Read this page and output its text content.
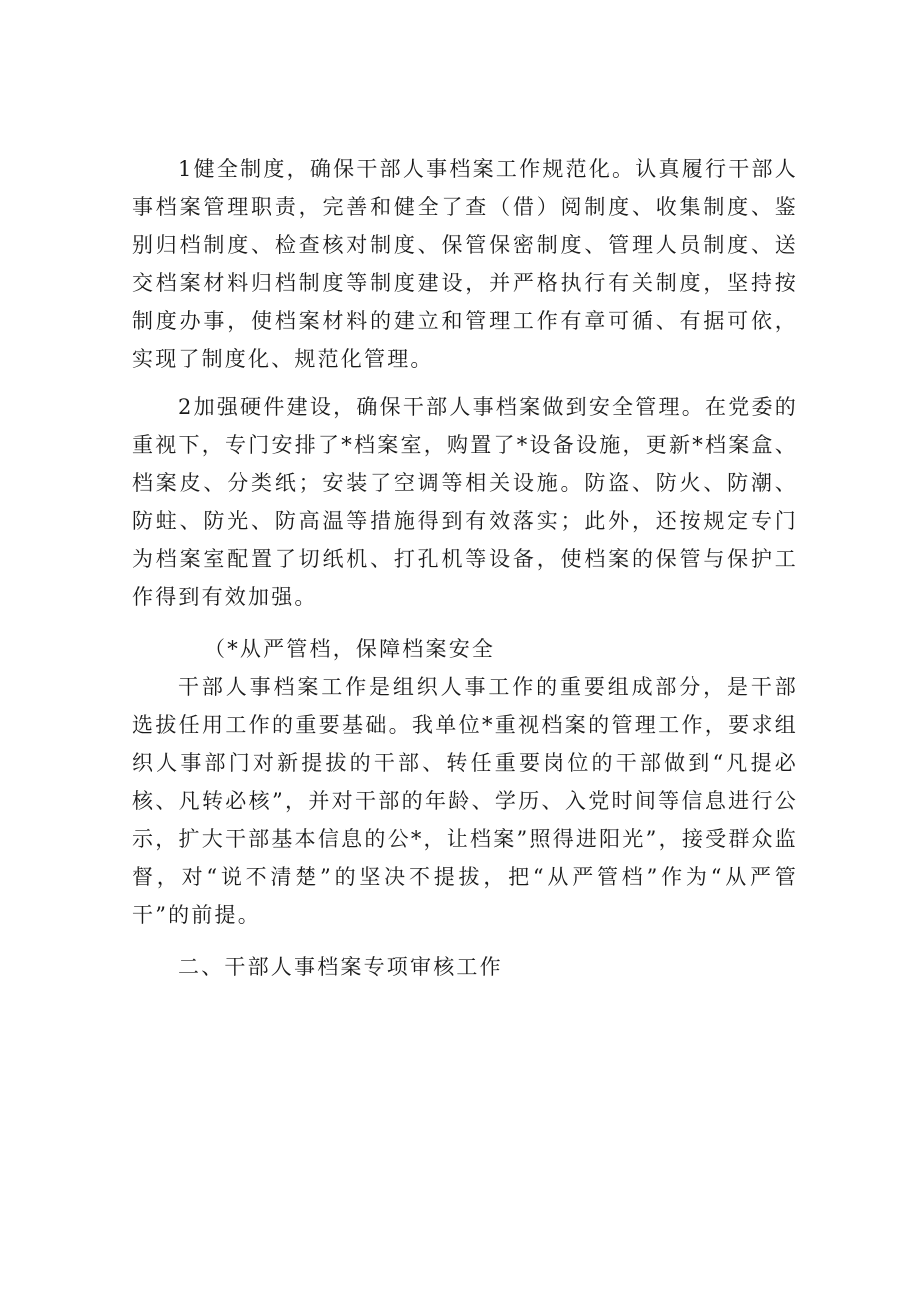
1健全制度，确保干部人事档案工作规范化。认真履行干部人事档案管理职责，完善和健全了查（借）阅制度、收集制度、鉴别归档制度、检查核对制度、保管保密制度、管理人员制度、送交档案材料归档制度等制度建设，并严格执行有关制度，坚持按制度办事，使档案材料的建立和管理工作有章可循、有据可依，实现了制度化、规范化管理。

2加强硬件建设，确保干部人事档案做到安全管理。在党委的重视下，专门安排了*档案室，购置了*设备设施，更新*档案盒、档案皮、分类纸；安装了空调等相关设施。防盗、防火、防潮、防蛀、防光、防高温等措施得到有效落实；此外，还按规定专门为档案室配置了切纸机、打孔机等设备，使档案的保管与保护工作得到有效加强。

（*从严管档，保障档案安全

干部人事档案工作是组织人事工作的重要组成部分，是干部选拔任用工作的重要基础。我单位*重视档案的管理工作，要求组织人事部门对新提拔的干部、转任重要岗位的干部做到“凡提必核、凡转必核”，并对干部的年龄、学历、入党时间等信息进行公示，扩大干部基本信息的公*，让档案”照得进阳光”，接受群众监督，对“说不清楚”的坚决不提拔，把“从严管档”作为“从严管干”的前提。

二、干部人事档案专项审核工作
